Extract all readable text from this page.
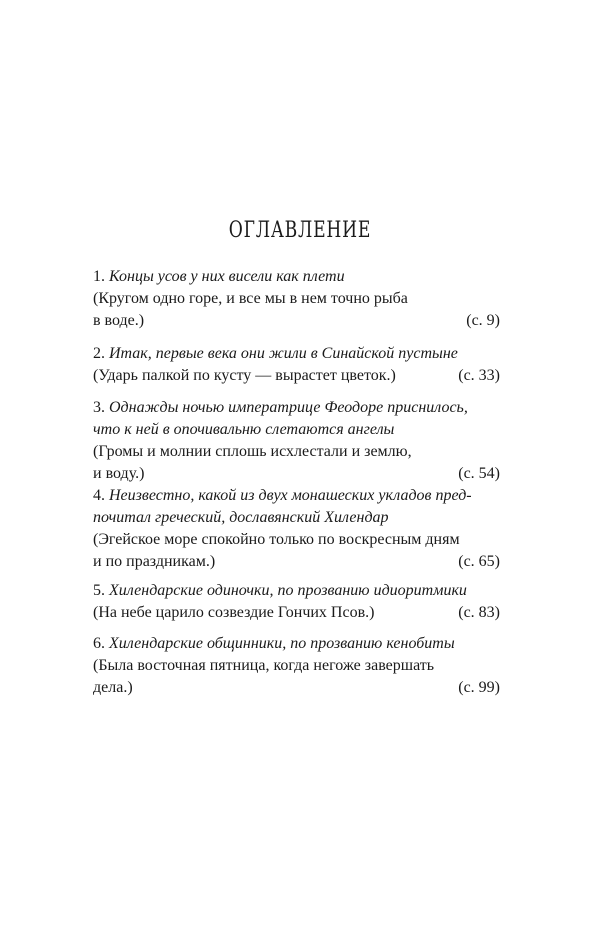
ОГЛАВЛЕНИЕ
1. Концы усов у них висели как плети
(Кругом одно горе, и все мы в нем точно рыба
в воде.)	(с. 9)
2. Итак, первые века они жили в Синайской пустыне
(Ударь палкой по кусту — вырастет цветок.)	(с. 33)
3. Однажды ночью императрице Феодоре приснилось,
что к ней в опочивальню слетаются ангелы
(Громы и молнии сплошь исхлестали и землю,
и воду.)	(с. 54)
4. Неизвестно, какой из двух монашеских укладов пред-
почитал греческий, дославянский Хилендар
(Эгейское море спокойно только по воскресным дням
и по праздникам.)	(с. 65)
5. Хилендарские одиночки, по прозванию идиоритмики
(На небе царило созвездие Гончих Псов.)	(с. 83)
6. Хилендарские общинники, по прозванию кенобиты
(Была восточная пятница, когда негоже завершать
дела.)	(с. 99)
